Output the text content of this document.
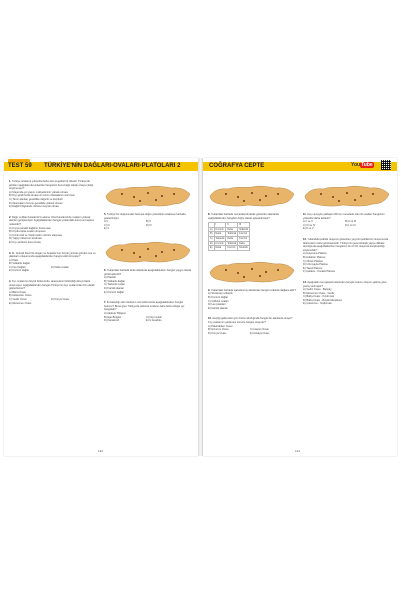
TEST 59 TÜRKİYE'NİN DAĞLARI-OVALARI-PLATOLARI 2
1. Türkiye ortalama yükseltisi fazla olan engebeli bir ülkedir. Türkiye'de görülen aşağıdaki durumlardan hangisinin buna bağlı olarak ortaya çıktığı söylenemez?
A) Ulaşımda yol yapım maliyetlerinin yüksek olması
B) Kıyı şeridi fazla olmasının turizm olanaklarını artırması
C) Tarım alanları genellikle dağınık ve küçüktür
D) Akarsuların hızının genellikle yüksek olması
E) Dağlık bölgelerde nüfusun seyrek olması
2. Doğu ve Batı Karadeniz'in aksine Orta Karadeniz'de ovaların yüksek alanları genişlemiştir. Aşağıdakilerden hangisi yukarıdaki durumun başlıca nedenidir?
A) Kıyıya paralel dağların bulunması
B) Kıyıda delta ovaları oluşması
C) Kızılırmak ve Yeşilırmak'ın denize ulaşması
D) Yağış miktarının azalması
E) Kıyı şeridinin kısa olması
3. M. Jeolojik Devir'de oluşan ve Anadolu'nun birçok yerinde görülen ova ve platoların oluşumunda aşağıdakilerden hangisi etkili olmuştur?
A) Plato
B) Volkanik dağlar
C) Fay Dağları	D) Delta ovaları
E) Kıvrımlı dağlar
4. Kıyı ovalarının büyük bölümünde, akarsuların biriktirdiği alüvyonlarla oluşmuştur. Aşağıdakilerden hangisi Türkiye'nin kıyı ovalarından biri olarak gösterilemez?
A) Bafra Ovası
B) Adapazarı Ovası
C) Gediz Ovası	D) Konya OvasıE) Menemen Ovası
5. Türkiye'nin doğusundan batısına doğru yükseltinin azalması haritada gösterilmiştir.
A) I	B) IIC) III	D) IVE) V
6. Yukarıdaki haritada taralı alanlarda aşağıdakilerden hangisi yaygın olarak görülmektedir?
A) Platolar
B) Volkanik dağlar
C) Tektonik ovalar
D) Karstik alanlar
E) Kıvrımlı dağlar
7. İki bakışlığı olan haritanın orta bölümünde aşağıdakilerden hangisi bulunur? Buna göre Türkiye'de tektonik ovaların daha fazla olduğu yer hangisidir?
A) Akdeniz Bölgesi
B) Ege Bölgesi	C) Fay kıyılarıD) Karadeniz	E) İç Anadolu
122
COĞRAFYA CEPTE	YouTube
8. Yukarıdaki haritada numaralandırılarak gösterilen alanlarda aşağıdakilerden hangileri doğru olarak eşleştirilmiştir?
	I	II	III
A)	Kıvrımlı	Delta	Volkanik
B)	Delta	Tektonik	Kıvrımlı
C)	Tektonik	Delta	Kıvrımlı
D)	Kıvrımlı	Tektonik	Delta
E)	Delta	Kıvrımlı	Tektonik
9. Yukarıdaki haritada işaretlenmiş alanlardan hangisi volkanik dağlara aittir?
A) Sivrisinap volkanik
B) Kıvrımlı dağlar
C) Çıldırlık ovaları
D) Lav platoları
E) Karstik alanlar
10. Geçtiği gelişmeler göz önüne alındığında hangisi bu alanlarda oluşur? Kıyı ovalarının gelişmesi sonucu hangisi oluşmaz?
A) Palandöken Ovası
B) Erzurum Ovası	C) Harran OvasıD) Konya Ovası	E) Antalya Ovası
11. Kuş uçuşuyla yaklaşık 200 km mesafede olan iki ovadan hangisinin yükseltisi daha fazladır?
A) I ve II	B) II ve IIIC) III ve IV	D) I ve IVE) II ve V
12. Yukarıdaki şekilde oluşumu gösterilen yeryüzü şekillerinin oluşumunda akarsuların etkisi görülmektedir. Türkiye'nin jeomorfolojik yapısı dikkate alındığında aşağıdakilerden hangisinin bu tür bir oluşumla karşılaşıldığı söylenebilir?
A) Haymana Platosu
B) Ardahan Platosu
C) Obruk Platosu
D) Uzunyayla Platosu
E) Taşeli Platosu
F) Çatalca - Kocaeli Platosu
13. Aşağıdaki ova eşleştirmelerinden hangisi ovanın oluşum şekline göre yanlış verilmiştir?
A) Gediz Ovası - Batıçay
B) Menemen Ovası - Gediz
C) Bafra Ovası - Kızılırmak
D) Bafra Ovası - Büyük Menderes
E) Çukurova - Yeşilırmak
123
